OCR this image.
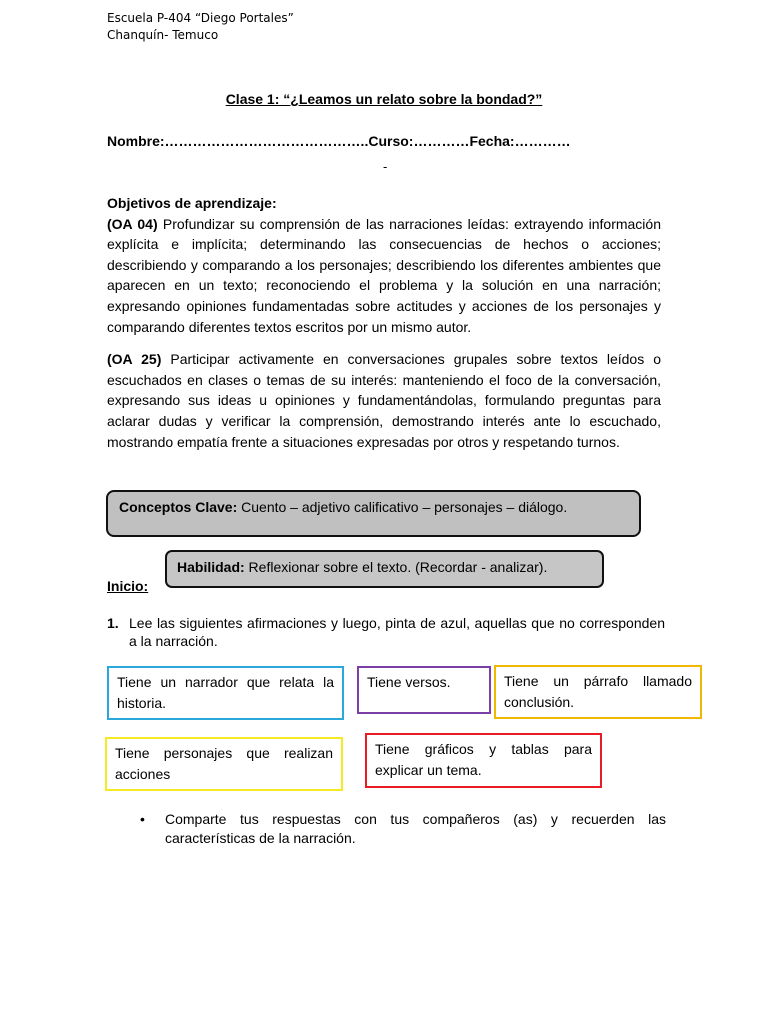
Escuela P-404 “Diego Portales”
Chanquín- Temuco
Clase 1: “¿Leamos un relato sobre la bondad?”
Nombre:……………………………………..Curso:…………Fecha:…………
-

Objetivos de aprendizaje:

(OA 04) Profundizar su comprensión de las narraciones leídas: extrayendo información explícita e implícita; determinando las consecuencias de hechos o acciones; describiendo y comparando a los personajes; describiendo los diferentes ambientes que aparecen en un texto; reconociendo el problema y la solución en una narración; expresando opiniones fundamentadas sobre actitudes y acciones de los personajes y comparando diferentes textos escritos por un mismo autor.

(OA 25) Participar activamente en conversaciones grupales sobre textos leídos o escuchados en clases o temas de su interés: manteniendo el foco de la conversación, expresando sus ideas u opiniones y fundamentándolas, formulando preguntas para aclarar dudas y verificar la comprensión, demostrando interés ante lo escuchado, mostrando empatía frente a situaciones expresadas por otros y respetando turnos.

Conceptos Clave: Cuento – adjetivo calificativo – personajes – diálogo.
Inicio:
Habilidad: Reflexionar sobre el texto. (Recordar - analizar).
1. Lee las siguientes afirmaciones y luego, pinta de azul, aquellas que no corresponden a la narración.
Tiene un narrador que relata la historia.
Tiene versos.	Tiene un párrafo llamado conclusión.
Tiene personajes que realizan acciones
Tiene gráficos y tablas para explicar un tema.
• Comparte tus respuestas con tus compañeros (as) y recuerden las características de la narración.
